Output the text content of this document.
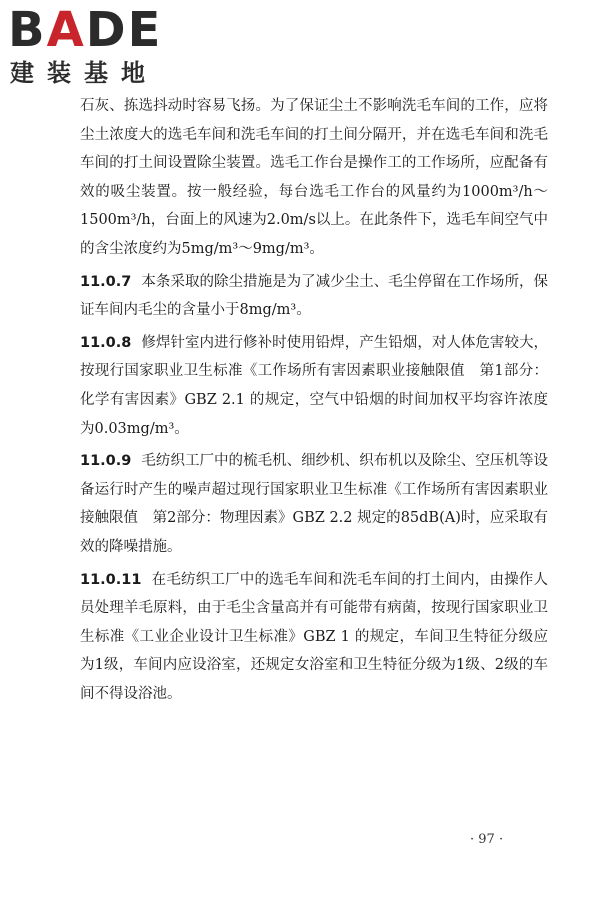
BADE
建装基地

石灰、拣选抖动时容易飞扬。为了保证尘土不影响洗毛车间的工作，应将尘土浓度大的选毛车间和洗毛车间的打土间分隔开，并在选毛车间和洗毛车间的打土间设置除尘装置。选毛工作台是操作工的工作场所，应配备有效的吸尘装置。按一般经验，每台选毛工作台的风量约为1000m³/h～1500m³/h，台面上的风速为2.0m/s以上。在此条件下，选毛车间空气中的含尘浓度约为5mg/m³～9mg/m³。

11.0.7 本条采取的除尘措施是为了减少尘土、毛尘停留在工作场所，保证车间内毛尘的含量小于8mg/m³。

11.0.8 修焊针室内进行修补时使用铅焊，产生铅烟，对人体危害较大，按现行国家职业卫生标准《工作场所有害因素职业接触限值　第1部分：化学有害因素》GBZ 2.1 的规定，空气中铅烟的时间加权平均容许浓度为0.03mg/m³。

11.0.9 毛纺织工厂中的梳毛机、细纱机、织布机以及除尘、空压机等设备运行时产生的噪声超过现行国家职业卫生标准《工作场所有害因素职业接触限值　第2部分：物理因素》GBZ 2.2 规定的85dB(A)时，应采取有效的降噪措施。

11.0.11 在毛纺织工厂中的选毛车间和洗毛车间的打土间内，由操作人员处理羊毛原料，由于毛尘含量高并有可能带有病菌，按现行国家职业卫生标准《工业企业设计卫生标准》GBZ 1 的规定，车间卫生特征分级应为1级，车间内应设浴室，还规定女浴室和卫生特征分级为1级、2级的车间不得设浴池。

· 97 ·
